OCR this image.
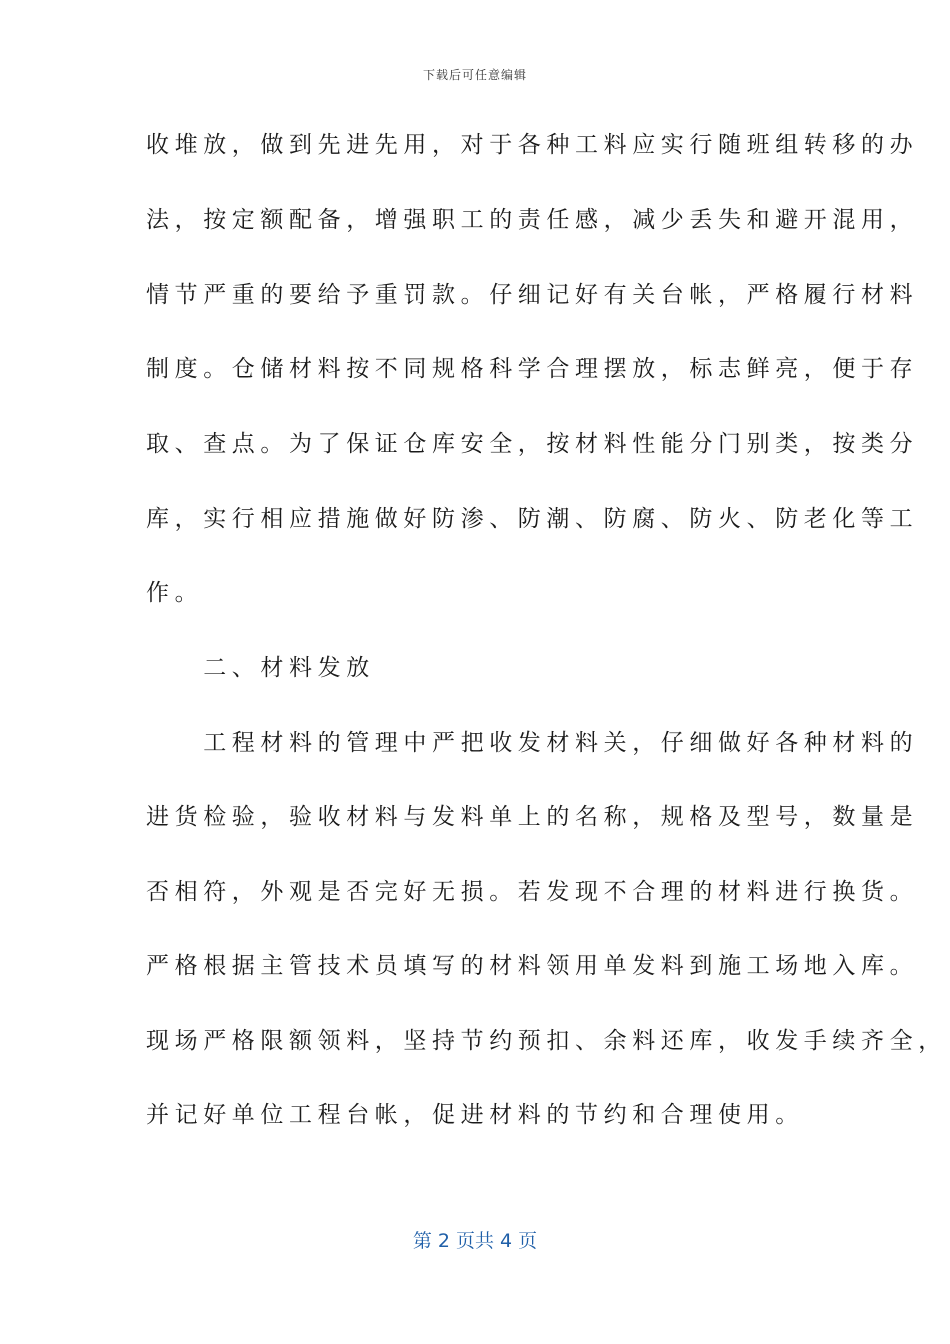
下载后可任意编辑
收堆放，做到先进先用，对于各种工料应实行随班组转移的办
法，按定额配备，增强职工的责任感，减少丢失和避开混用，
情节严重的要给予重罚款。仔细记好有关台帐，严格履行材料
制度。仓储材料按不同规格科学合理摆放，标志鲜亮，便于存
取、查点。为了保证仓库安全，按材料性能分门别类，按类分
库，实行相应措施做好防渗、防潮、防腐、防火、防老化等工
作。
　　二、材料发放
　　工程材料的管理中严把收发材料关，仔细做好各种材料的
进货检验，验收材料与发料单上的名称，规格及型号，数量是
否相符，外观是否完好无损。若发现不合理的材料进行换货。
严格根据主管技术员填写的材料领用单发料到施工场地入库。
现场严格限额领料，坚持节约预扣、余料还库，收发手续齐全，
并记好单位工程台帐，促进材料的节约和合理使用。
第 2 页共 4 页
